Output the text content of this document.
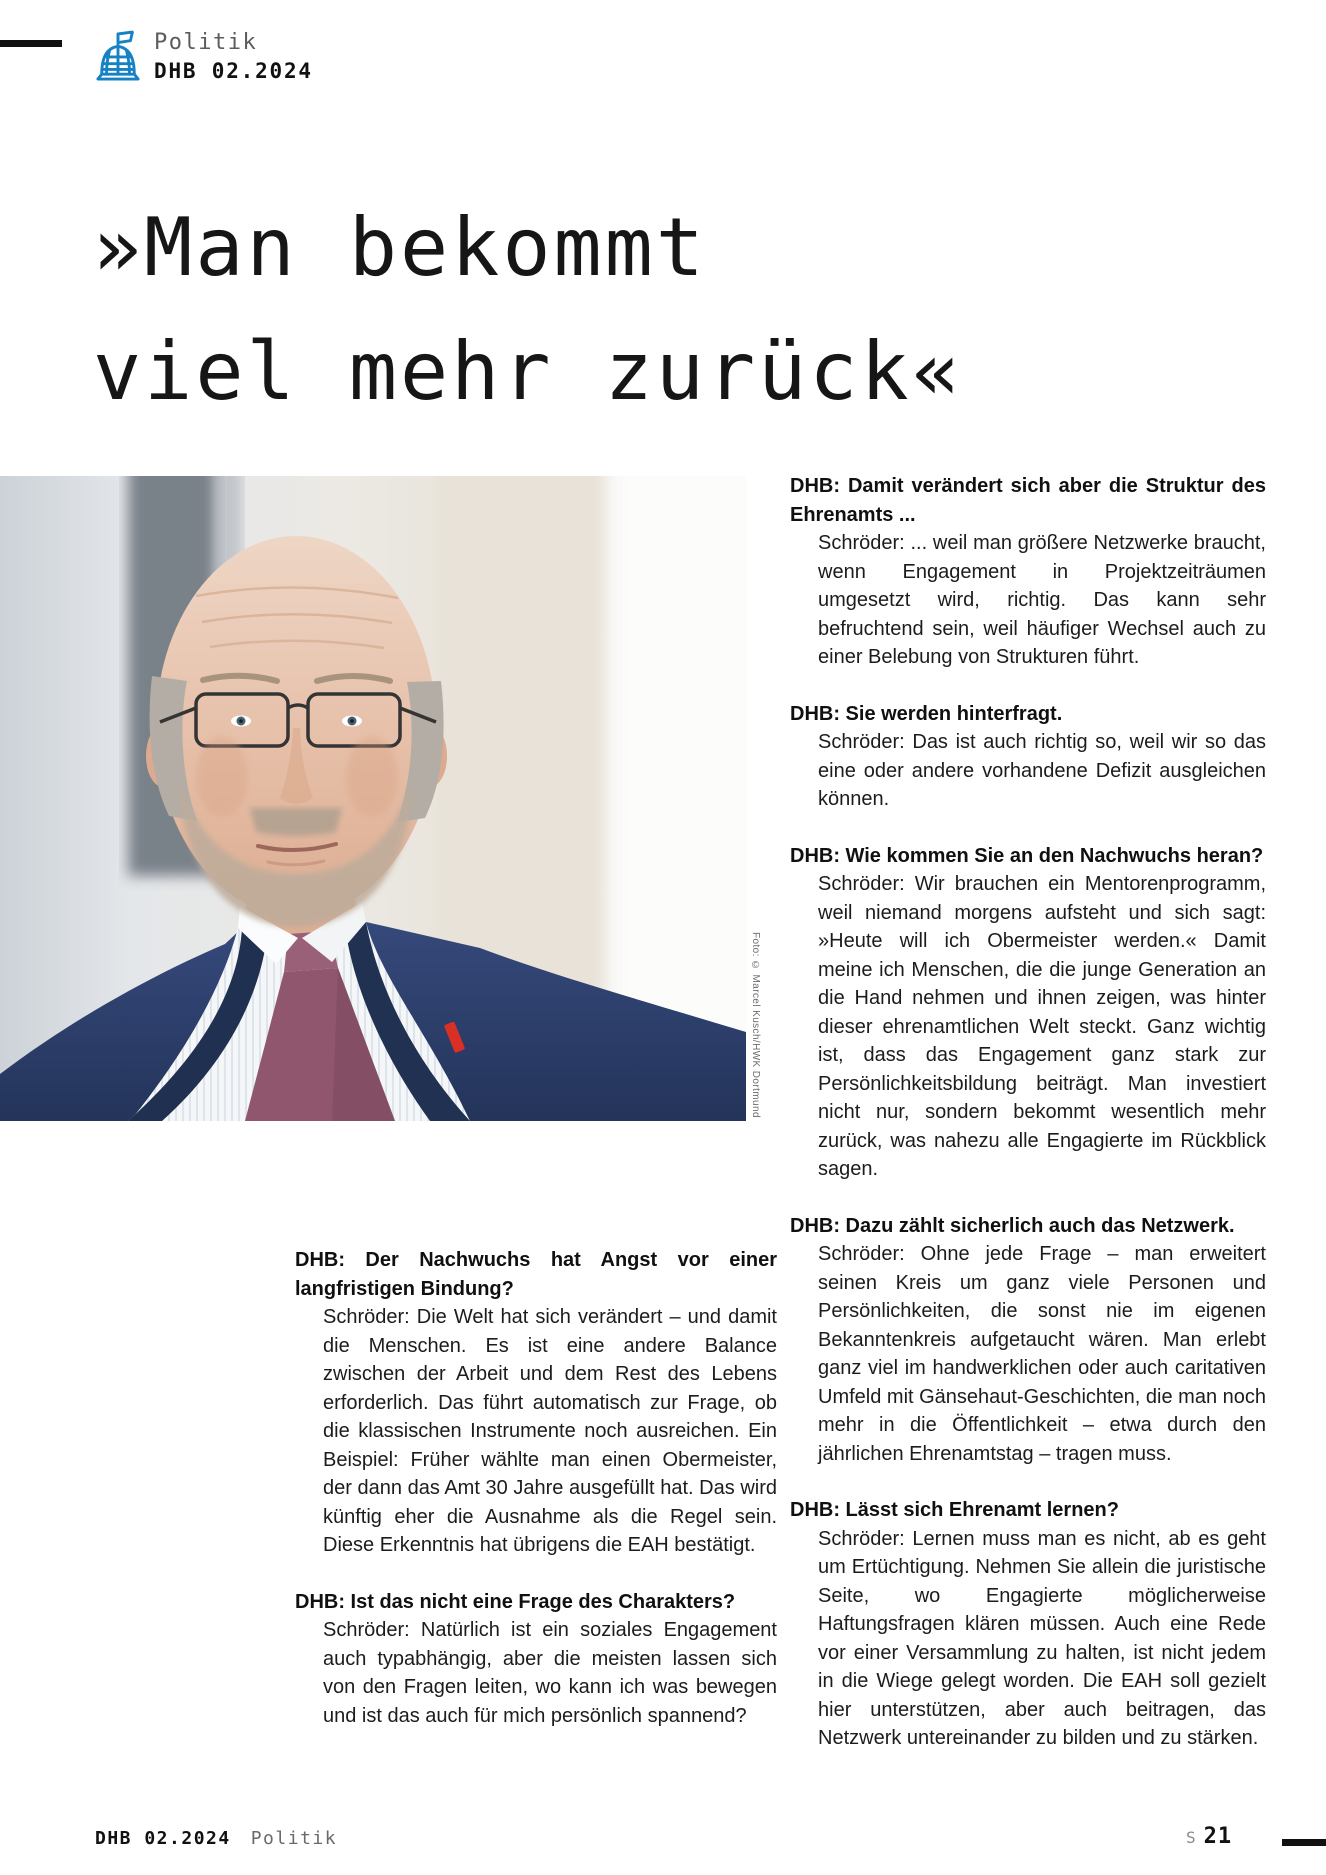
Politik
DHB 02.2024
»Man bekommt
viel mehr zurück«
Foto: © Marcel Kusch/HWK Dortmund

DHB: Der Nachwuchs hat Angst vor einer langfristigen Bindung?

Schröder: Die Welt hat sich verändert – und damit die Menschen. Es ist eine andere Balance zwischen der Arbeit und dem Rest des Lebens erforderlich. Das führt automatisch zur Frage, ob die klassischen Instrumente noch ausreichen. Ein Beispiel: Früher wählte man einen Obermeister, der dann das Amt 30 Jahre ausgefüllt hat. Das wird künftig eher die Ausnahme als die Regel sein. Diese Erkenntnis hat übrigens die EAH bestätigt.

DHB: Ist das nicht eine Frage des Charakters?

Schröder: Natürlich ist ein soziales Engagement auch typabhängig, aber die meisten lassen sich von den Fragen leiten, wo kann ich was bewegen und ist das auch für mich persönlich spannend?

DHB: Damit verändert sich aber die Struktur des Ehrenamts ...

Schröder: ... weil man größere Netzwerke braucht, wenn Engagement in Projektzeiträumen umgesetzt wird, richtig. Das kann sehr befruchtend sein, weil häufiger Wechsel auch zu einer Belebung von Strukturen führt.

DHB: Sie werden hinterfragt.

Schröder: Das ist auch richtig so, weil wir so das eine oder andere vorhandene Defizit ausgleichen können.

DHB: Wie kommen Sie an den Nachwuchs heran?

Schröder: Wir brauchen ein Mentorenprogramm, weil niemand morgens aufsteht und sich sagt: »Heute will ich Obermeister werden.« Damit meine ich Menschen, die die junge Generation an die Hand nehmen und ihnen zeigen, was hinter dieser ehrenamtlichen Welt steckt. Ganz wichtig ist, dass das Engagement ganz stark zur Persönlichkeitsbildung beiträgt. Man investiert nicht nur, sondern bekommt wesentlich mehr zurück, was nahezu alle Engagierte im Rückblick sagen.

DHB: Dazu zählt sicherlich auch das Netzwerk.

Schröder: Ohne jede Frage – man erweitert seinen Kreis um ganz viele Personen und Persönlichkeiten, die sonst nie im eigenen Bekanntenkreis aufgetaucht wären. Man erlebt ganz viel im handwerklichen oder auch caritativen Umfeld mit Gänsehaut-Geschichten, die man noch mehr in die Öffentlichkeit – etwa durch den jährlichen Ehrenamtstag – tragen muss.

DHB: Lässt sich Ehrenamt lernen?

Schröder: Lernen muss man es nicht, ab es geht um Ertüchtigung. Nehmen Sie allein die juristische Seite, wo Engagierte möglicherweise Haftungsfragen klären müssen. Auch eine Rede vor einer Versammlung zu halten, ist nicht jedem in die Wiege gelegt worden. Die EAH soll gezielt hier unterstützen, aber auch beitragen, das Netzwerk untereinander zu bilden und zu stärken.

DHB 02.2024 Politik	S 21
